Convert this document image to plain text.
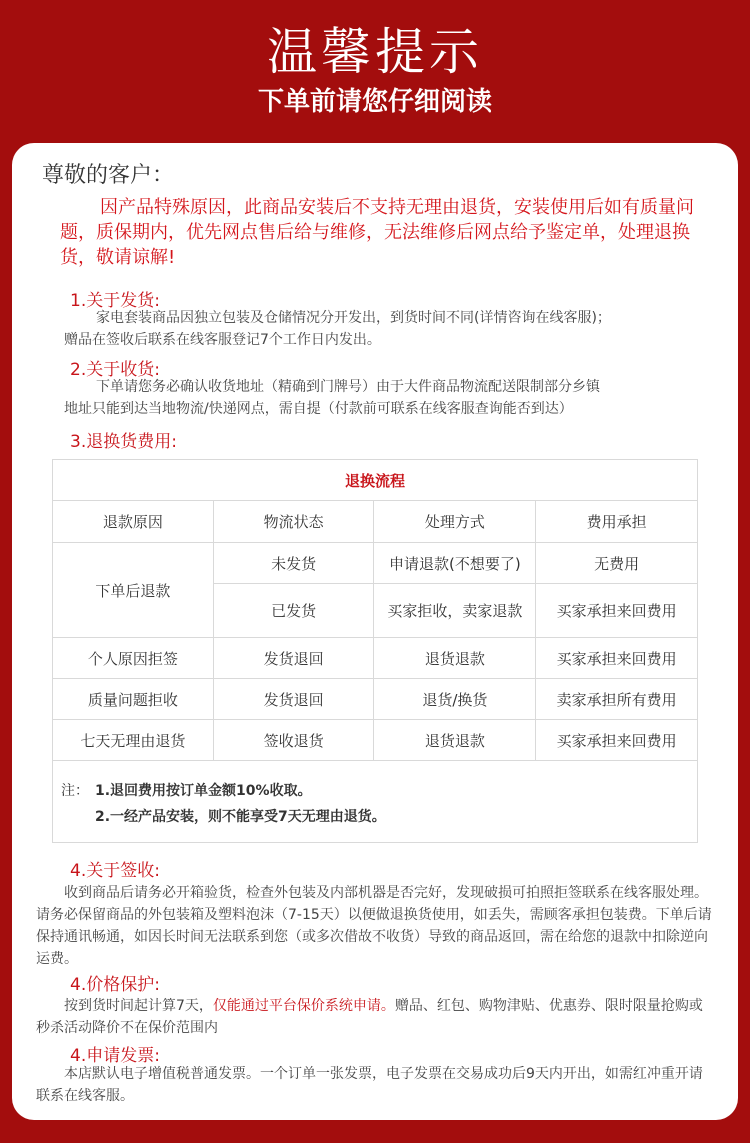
温馨提示
下单前请您仔细阅读
尊敬的客户：
因产品特殊原因，此商品安装后不支持无理由退货，安装使用后如有质量问题，质保期内，优先网点售后给与维修，无法维修后网点给予鉴定单，处理退换货，敬请谅解!
1.关于发货:
家电套装商品因独立包装及仓储情况分开发出，到货时间不同(详情咨询在线客服)；
赠品在签收后联系在线客服登记7个工作日内发出。
2.关于收货:
下单请您务必确认收货地址（精确到门牌号）由于大件商品物流配送限制部分乡镇
地址只能到达当地物流/快递网点，需自提（付款前可联系在线客服查询能否到达）
3.退换货费用:
退换流程			
退款原因	物流状态	处理方式	费用承担
下单后退款	未发货	申请退款(不想要了)	无费用
	已发货	买家拒收，卖家退款	买家承担来回费用
个人原因拒签	发货退回	退货退款	买家承担来回费用
质量问题拒收	发货退回	退货/换货	卖家承担所有费用
七天无理由退货	签收退货	退货退款	买家承担来回费用
注： 1.退回费用按订单金额10%收取。
2.一经产品安装，则不能享受7天无理由退货。
4.关于签收:
收到商品后请务必开箱验货，检查外包装及内部机器是否完好，发现破损可拍照拒签联系在线客服处理。请务必保留商品的外包装箱及塑料泡沫（7-15天）以便做退换货使用，如丢失，需顾客承担包装费。下单后请保持通讯畅通，如因长时间无法联系到您（或多次借故不收货）导致的商品返回，需在给您的退款中扣除逆向运费。
4.价格保护:
按到货时间起计算7天，仅能通过平台保价系统申请。赠品、红包、购物津贴、优惠券、限时限量抢购或秒杀活动降价不在保价范围内
4.申请发票:
本店默认电子增值税普通发票。一个订单一张发票，电子发票在交易成功后9天内开出，如需红冲重开请联系在线客服。
